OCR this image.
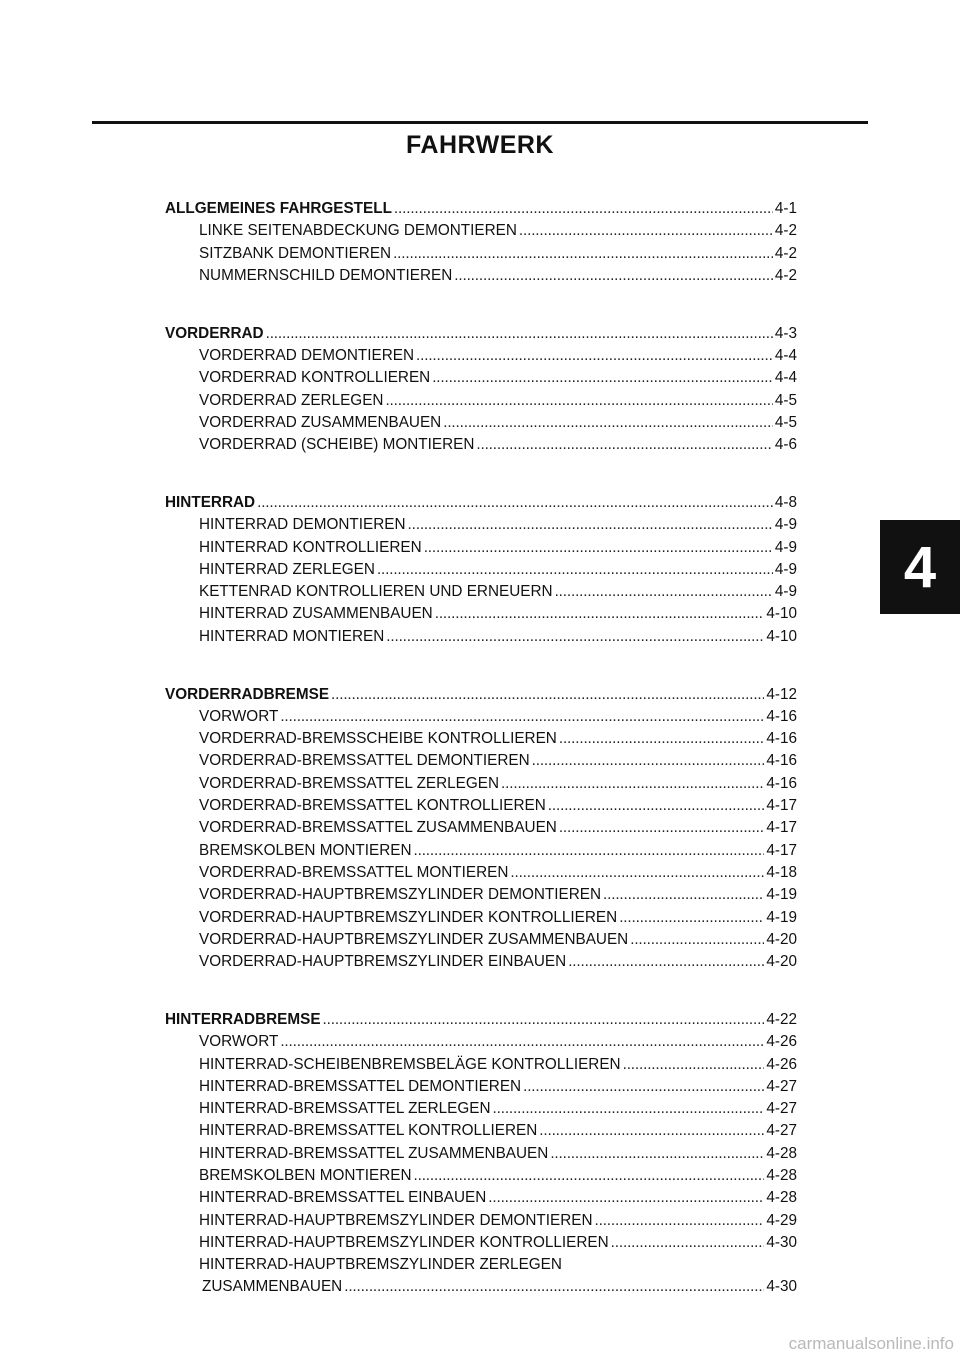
FAHRWERK
4
ALLGEMEINES FAHRGESTELL . . .	4-1
LINKE SEITENABDECKUNG DEMONTIEREN . . .	4-2
SITZBANK DEMONTIEREN . . .	4-2
NUMMERNSCHILD DEMONTIEREN . . .	4-2
VORDERRAD . . .	4-3
VORDERRAD DEMONTIEREN . . .	4-4
VORDERRAD KONTROLLIEREN . . .	4-4
VORDERRAD ZERLEGEN . . .	4-5
VORDERRAD ZUSAMMENBAUEN . . .	4-5
VORDERRAD (SCHEIBE) MONTIEREN . . .	4-6
HINTERRAD . . .	4-8
HINTERRAD DEMONTIEREN . . .	4-9
HINTERRAD KONTROLLIEREN . . .	4-9
HINTERRAD ZERLEGEN . . .	4-9
KETTENRAD KONTROLLIEREN UND ERNEUERN . . .	4-9
HINTERRAD ZUSAMMENBAUEN . . .	4-10
HINTERRAD MONTIEREN . . .	4-10
VORDERRADBREMSE . . .	4-12
VORWORT . . .	4-16
VORDERRAD-BREMSSCHEIBE KONTROLLIEREN . . .	4-16
VORDERRAD-BREMSSATTEL DEMONTIEREN . . .	4-16
VORDERRAD-BREMSSATTEL ZERLEGEN . . .	4-16
VORDERRAD-BREMSSATTEL KONTROLLIEREN . . .	4-17
VORDERRAD-BREMSSATTEL ZUSAMMENBAUEN . . .	4-17
BREMSKOLBEN MONTIEREN . . .	4-17
VORDERRAD-BREMSSATTEL MONTIEREN . . .	4-18
VORDERRAD-HAUPTBREMSZYLINDER DEMONTIEREN . . .	4-19
VORDERRAD-HAUPTBREMSZYLINDER KONTROLLIEREN . . .	4-19
VORDERRAD-HAUPTBREMSZYLINDER ZUSAMMENBAUEN . . .	4-20
VORDERRAD-HAUPTBREMSZYLINDER EINBAUEN . . .	4-20
HINTERRADBREMSE . . .	4-22
VORWORT . . .	4-26
HINTERRAD-SCHEIBENBREMSBELÄGE KONTROLLIEREN . . .	4-26
HINTERRAD-BREMSSATTEL DEMONTIEREN . . .	4-27
HINTERRAD-BREMSSATTEL ZERLEGEN . . .	4-27
HINTERRAD-BREMSSATTEL KONTROLLIEREN . . .	4-27
HINTERRAD-BREMSSATTEL ZUSAMMENBAUEN . . .	4-28
BREMSKOLBEN MONTIEREN . . .	4-28
HINTERRAD-BREMSSATTEL EINBAUEN . . .	4-28
HINTERRAD-HAUPTBREMSZYLINDER DEMONTIEREN . . .	4-29
HINTERRAD-HAUPTBREMSZYLINDER KONTROLLIEREN . . .	4-30
HINTERRAD-HAUPTBREMSZYLINDER ZERLEGEN
ZUSAMMENBAUEN . . .	4-30
carmanualsonline.info
